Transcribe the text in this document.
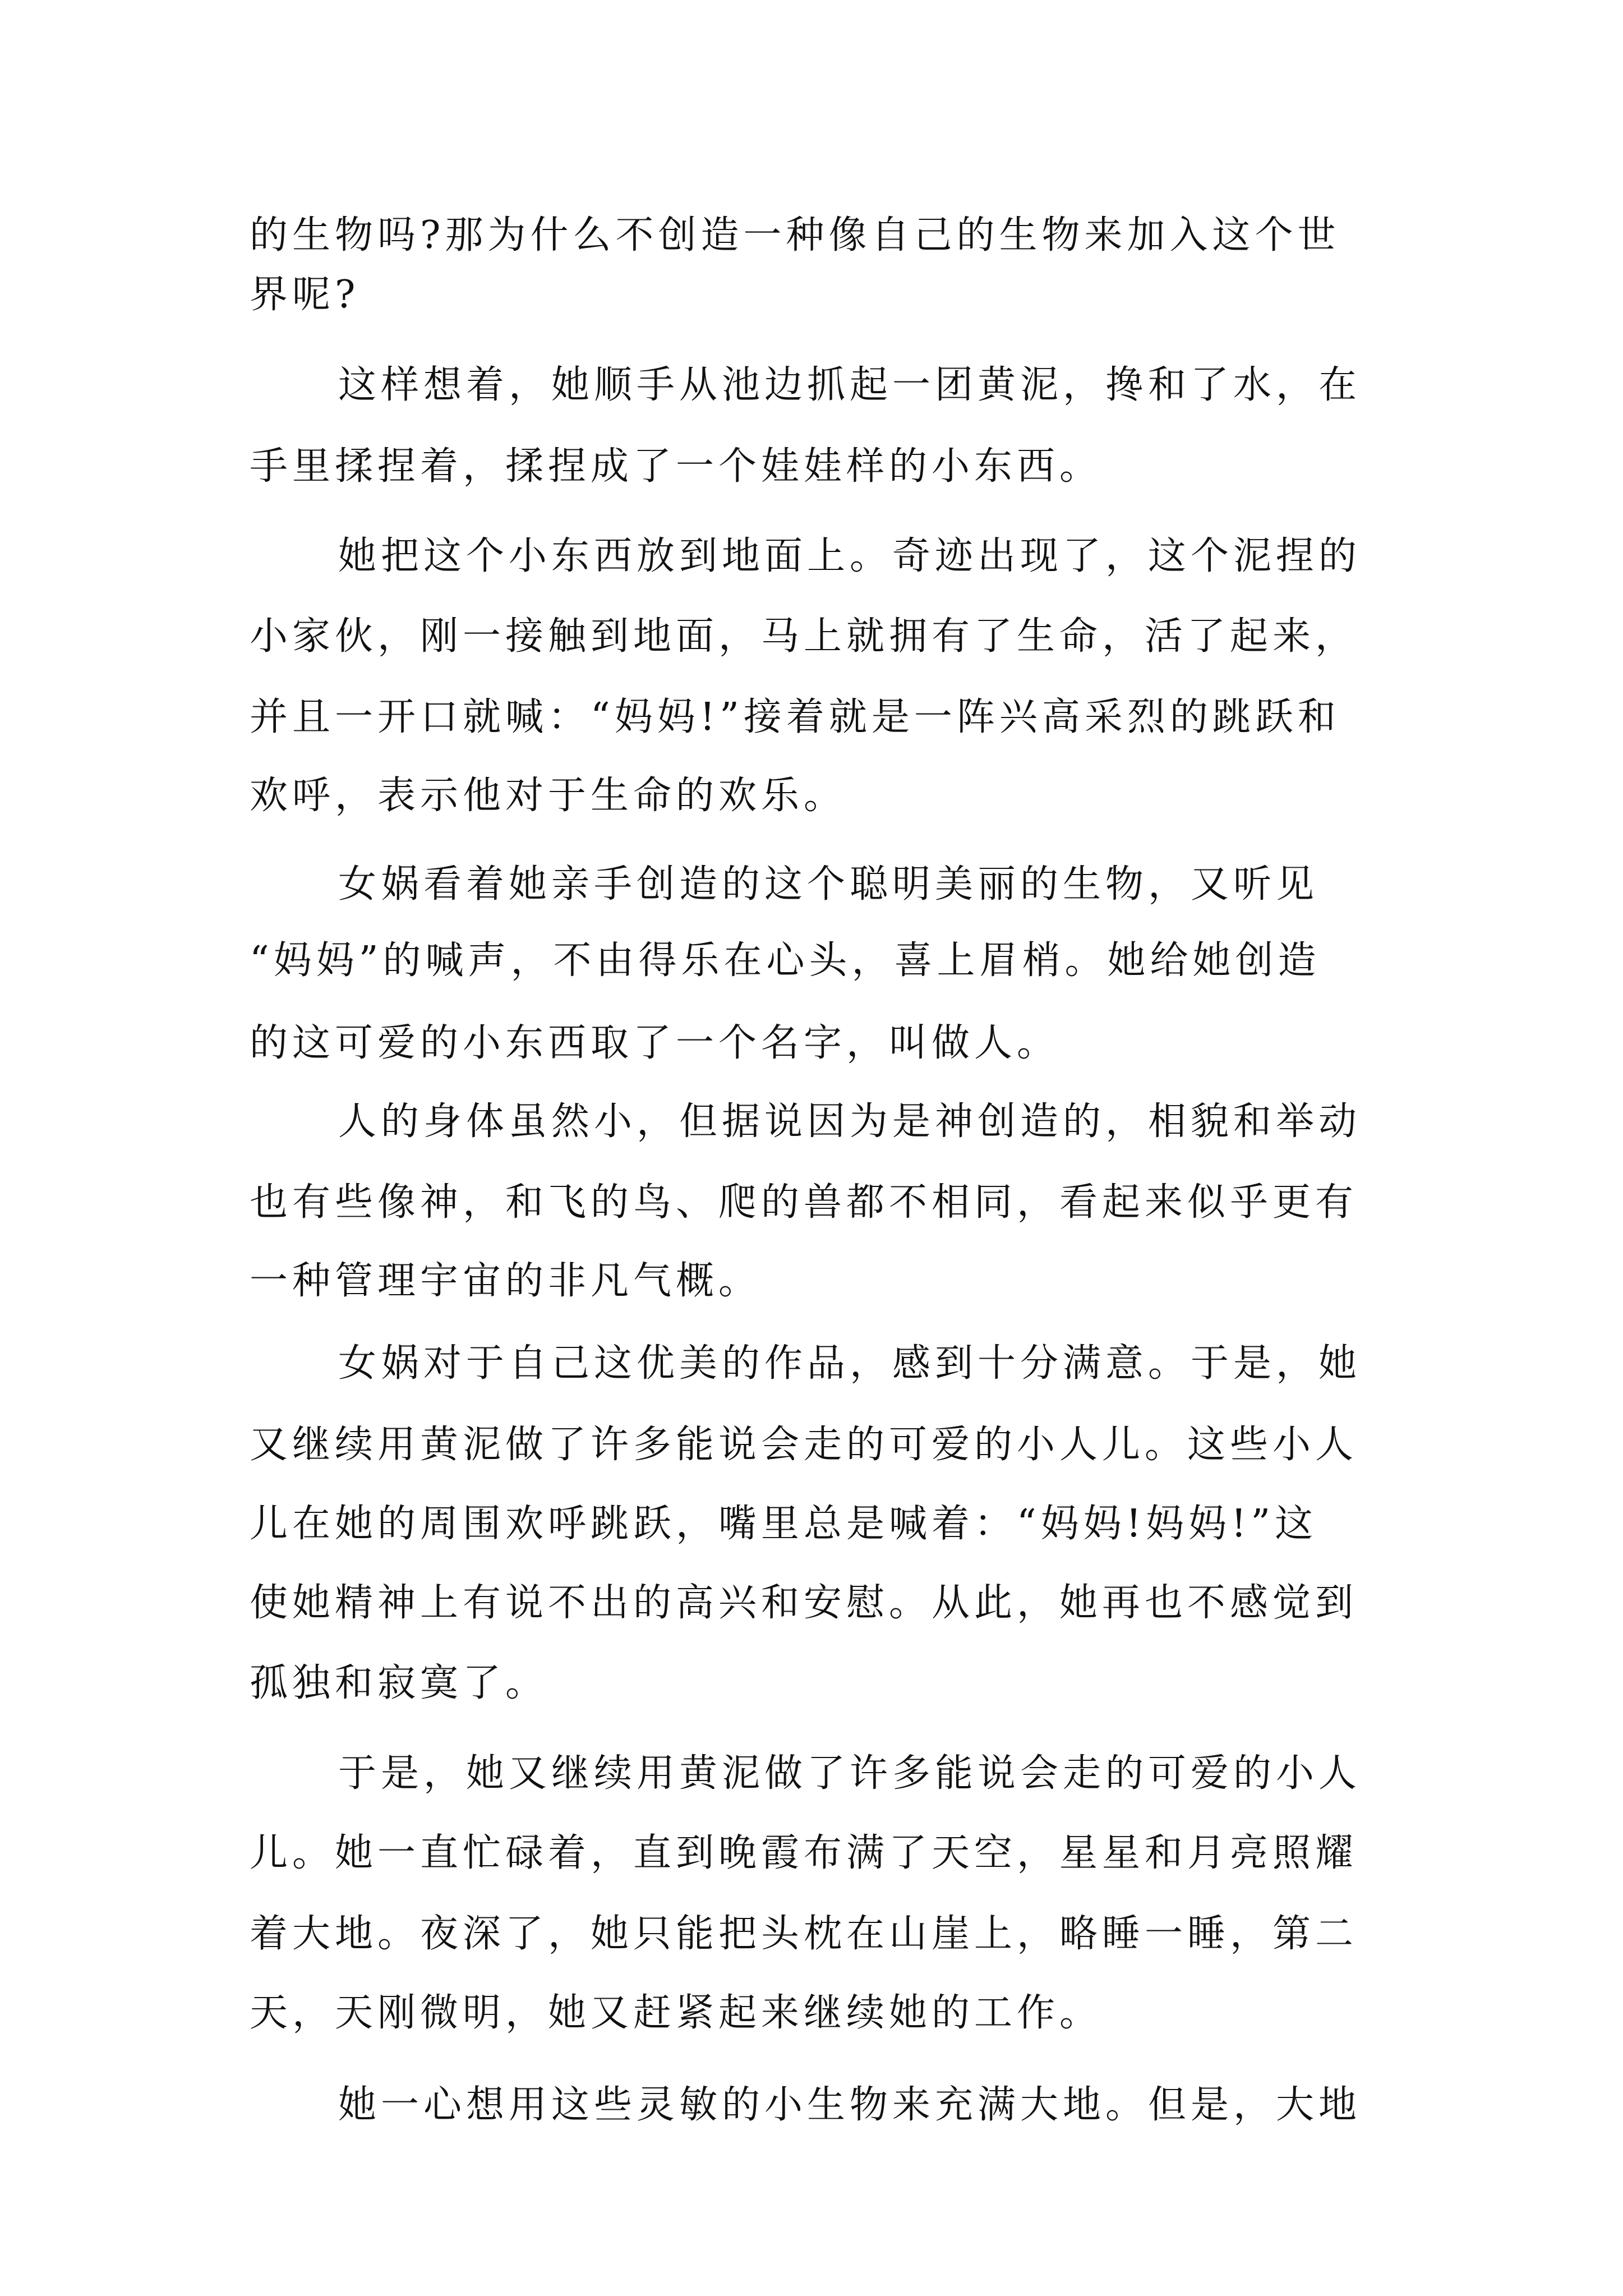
的生物吗?那为什么不创造一种像自己的生物来加入这个世
界呢?
这样想着，她顺手从池边抓起一团黄泥，搀和了水，在
手里揉捏着，揉捏成了一个娃娃样的小东西。
她把这个小东西放到地面上。奇迹出现了，这个泥捏的
小家伙，刚一接触到地面，马上就拥有了生命，活了起来，
并且一开口就喊：“妈妈!”接着就是一阵兴高采烈的跳跃和
欢呼，表示他对于生命的欢乐。
女娲看着她亲手创造的这个聪明美丽的生物，又听见
“妈妈”的喊声，不由得乐在心头，喜上眉梢。她给她创造
的这可爱的小东西取了一个名字，叫做人。
人的身体虽然小，但据说因为是神创造的，相貌和举动
也有些像神，和飞的鸟、爬的兽都不相同，看起来似乎更有
一种管理宇宙的非凡气概。
女娲对于自己这优美的作品，感到十分满意。于是，她
又继续用黄泥做了许多能说会走的可爱的小人儿。这些小人
儿在她的周围欢呼跳跃，嘴里总是喊着：“妈妈!妈妈!”这
使她精神上有说不出的高兴和安慰。从此，她再也不感觉到
孤独和寂寞了。
于是，她又继续用黄泥做了许多能说会走的可爱的小人
儿。她一直忙碌着，直到晚霞布满了天空，星星和月亮照耀
着大地。夜深了，她只能把头枕在山崖上，略睡一睡，第二
天，天刚微明，她又赶紧起来继续她的工作。
她一心想用这些灵敏的小生物来充满大地。但是，大地
